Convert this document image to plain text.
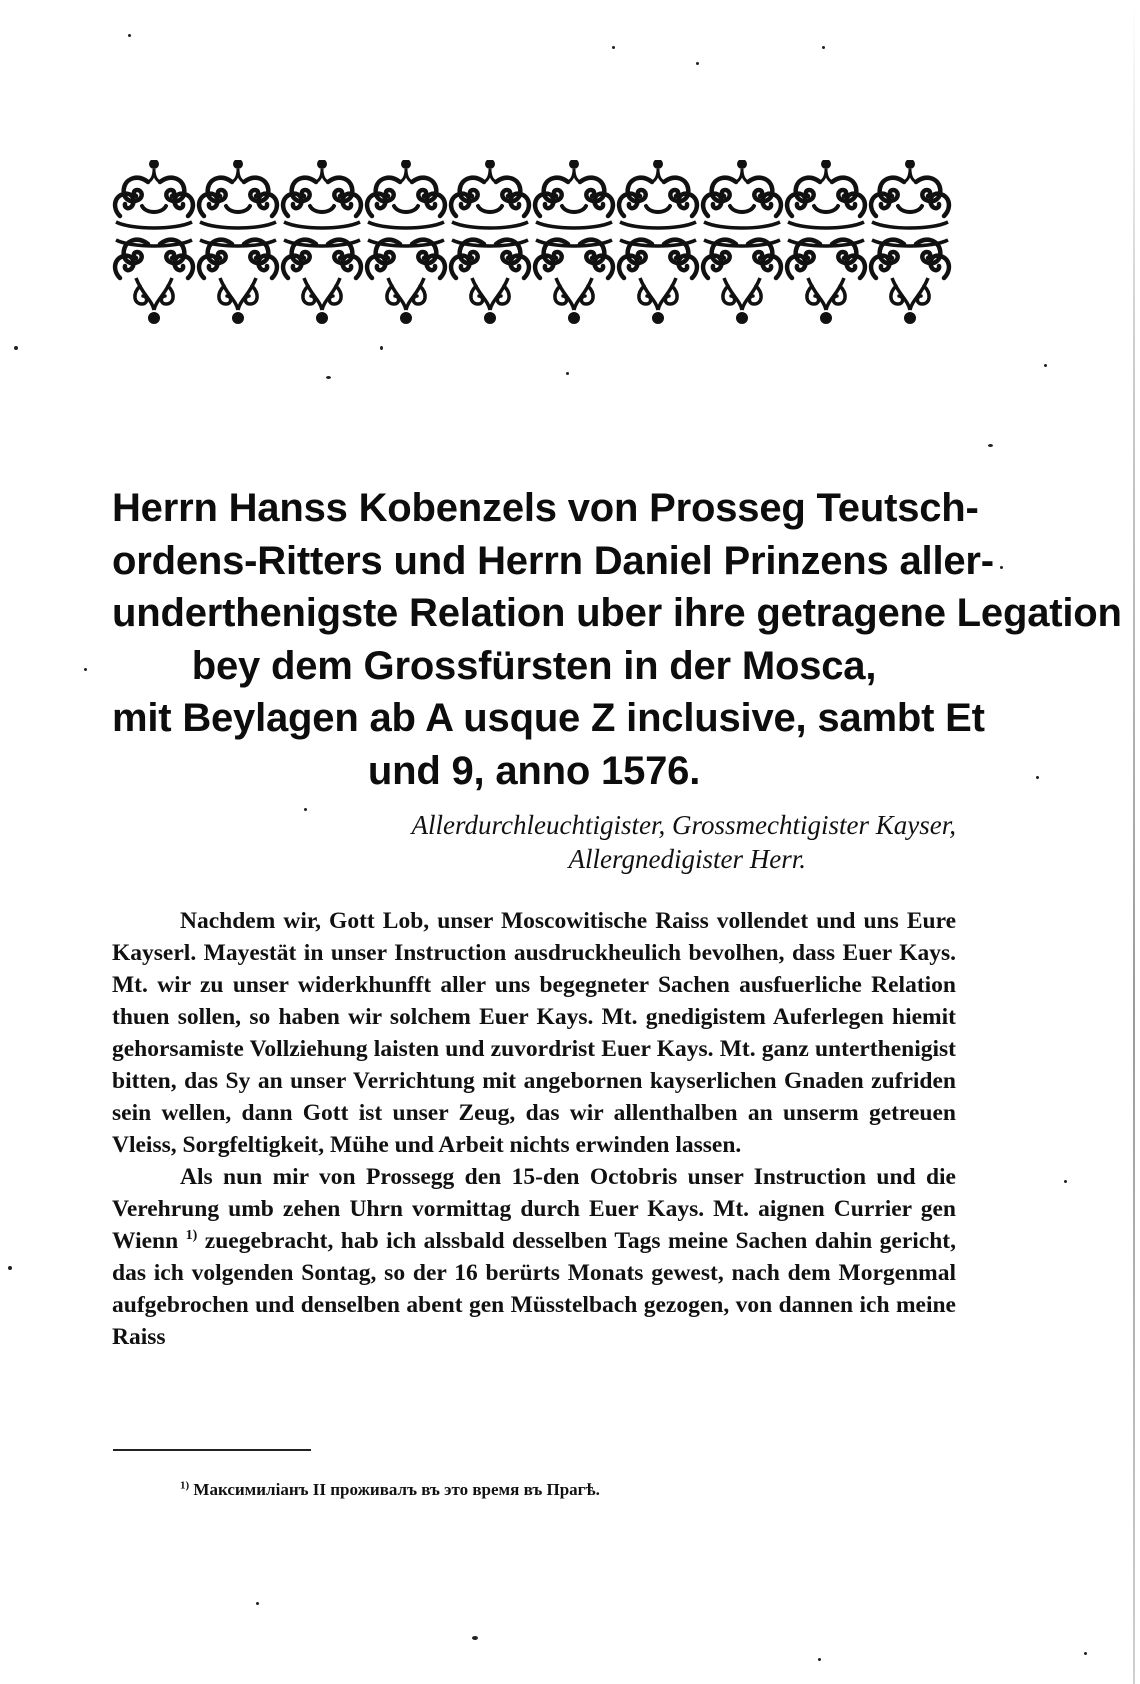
Herrn Hanss Kobenzels von Prosseg Teutsch-
ordens-Ritters und Herrn Daniel Prinzens aller-
underthenigste Relation uber ihre getragene Legation
bey dem Grossfürsten in der Mosca,
mit Beylagen ab A usque Z inclusive, sambt Et
und 9, anno 1576.
Allerdurchleuchtigister, Grossmechtigister Kayser,
Allergnedigister Herr.

Nachdem wir, Gott Lob, unser Moscowitische Raiss vollendet und uns Eure Kayserl. Mayestät in unser Instruction ausdruckheulich bevolhen, dass Euer Kays. Mt. wir zu unser widerkhunfft aller uns begegneter Sachen ausfuerliche Relation thuen sollen, so haben wir solchem Euer Kays. Mt. gnedigistem Auferlegen hiemit gehorsamiste Vollziehung laisten und zuvordrist Euer Kays. Mt. ganz unterthenigist bitten, das Sy an unser Verrichtung mit angebornen kayserlichen Gnaden zufriden sein wellen, dann Gott ist unser Zeug, das wir allenthalben an unserm getreuen Vleiss, Sorgfeltigkeit, Mühe und Arbeit nichts erwinden lassen.

Als nun mir von Prossegg den 15-den Octobris unser Instruction und die Verehrung umb zehen Uhrn vormittag durch Euer Kays. Mt. aignen Currier gen Wienn $^{1)}$ zuegebracht, hab ich alssbald desselben Tags meine Sachen dahin gericht, das ich volgenden Sontag, so der 16 berürts Monats gewest, nach dem Morgenmal aufgebrochen und denselben abent gen Müsstelbach gezogen, von dannen ich meine Raiss

$^{1)}$ Максимиліанъ II проживалъ въ это время въ Прагѣ.
